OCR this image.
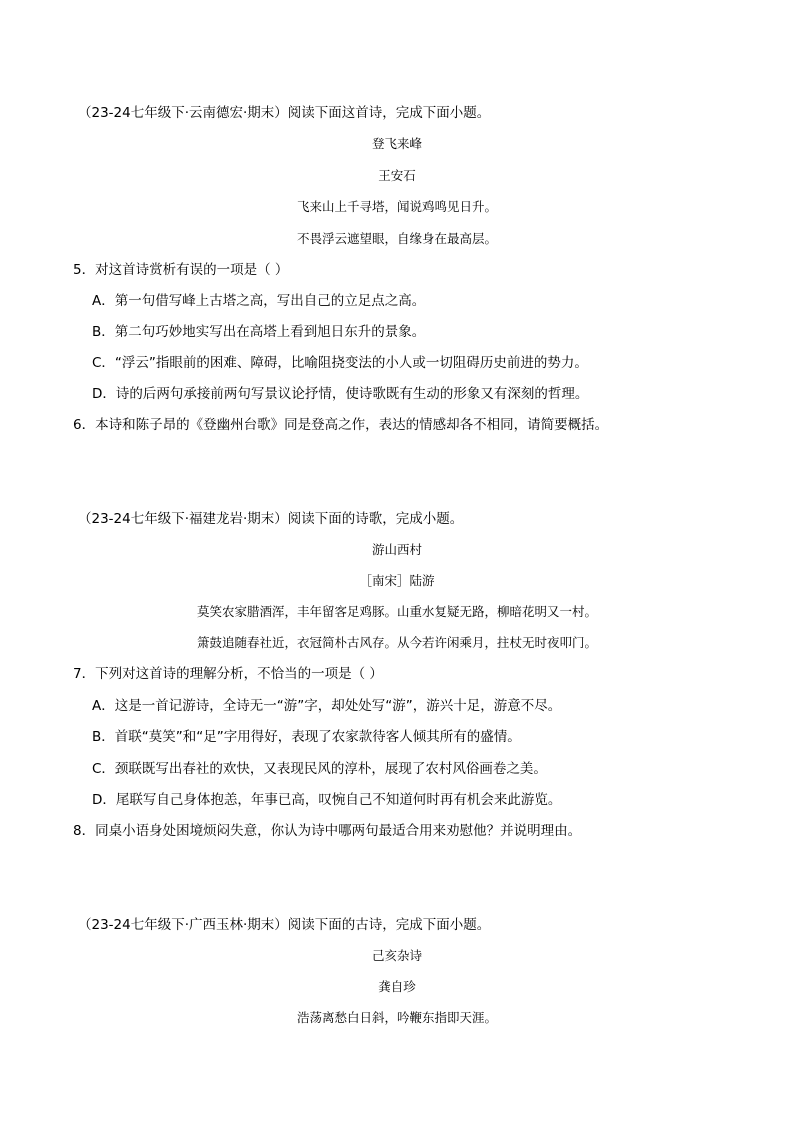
（23-24七年级下·云南德宏·期末）阅读下面这首诗，完成下面小题。
登飞来峰
王安石
飞来山上千寻塔，闻说鸡鸣见日升。
不畏浮云遮望眼，自缘身在最高层。
5．对这首诗赏析有误的一项是（ ）
A．第一句借写峰上古塔之高，写出自己的立足点之高。
B．第二句巧妙地实写出在高塔上看到旭日东升的景象。
C．“浮云”指眼前的困难、障碍，比喻阻挠变法的小人或一切阻碍历史前进的势力。
D．诗的后两句承接前两句写景议论抒情，使诗歌既有生动的形象又有深刻的哲理。
6．本诗和陈子昂的《登幽州台歌》同是登高之作，表达的情感却各不相同，请简要概括。
（23-24七年级下·福建龙岩·期末）阅读下面的诗歌，完成小题。
游山西村
［南宋］陆游
莫笑农家腊酒浑，丰年留客足鸡豚。山重水复疑无路，柳暗花明又一村。
箫鼓追随春社近，衣冠简朴古风存。从今若许闲乘月，拄杖无时夜叩门。
7．下列对这首诗的理解分析，不恰当的一项是（ ）
A．这是一首记游诗，全诗无一“游”字，却处处写“游”，游兴十足，游意不尽。
B．首联“莫笑”和“足”字用得好，表现了农家款待客人倾其所有的盛情。
C．颈联既写出春社的欢快，又表现民风的淳朴，展现了农村风俗画卷之美。
D．尾联写自己身体抱恙，年事已高，叹惋自己不知道何时再有机会来此游览。
8．同桌小语身处困境烦闷失意，你认为诗中哪两句最适合用来劝慰他？并说明理由。
（23-24七年级下·广西玉林·期末）阅读下面的古诗，完成下面小题。
己亥杂诗
龚自珍
浩荡离愁白日斜，吟鞭东指即天涯。
